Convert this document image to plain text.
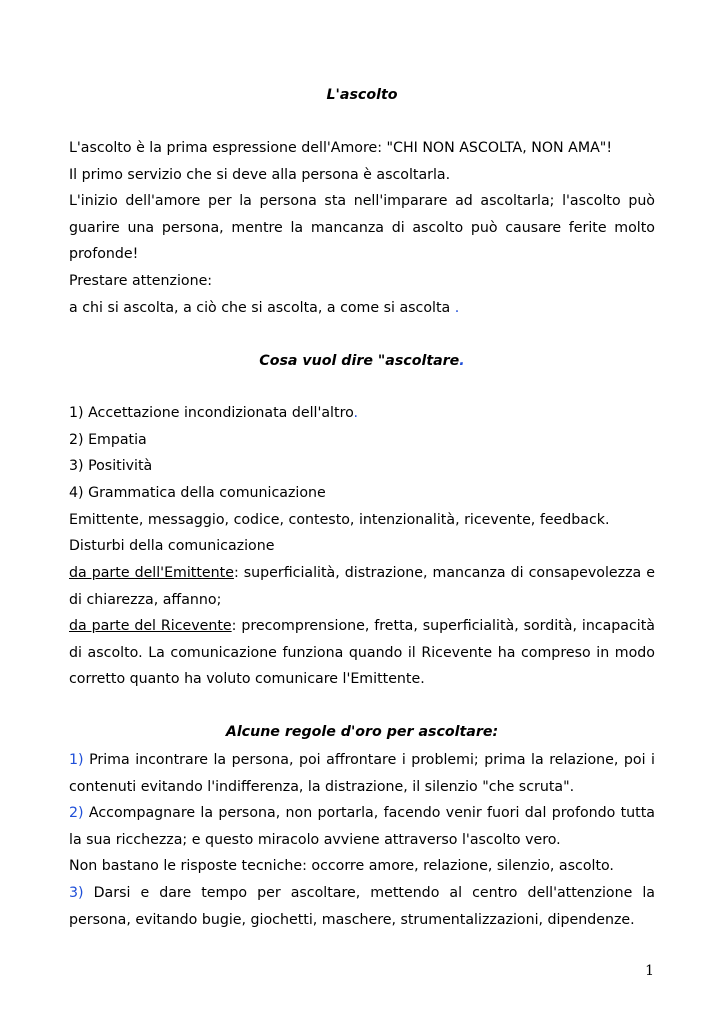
L'ascolto

L'ascolto è la prima espressione dell'Amore: "CHI NON ASCOLTA, NON AMA"!

Il primo servizio che si deve alla persona è ascoltarla.

L'inizio dell'amore per la persona sta nell'imparare ad ascoltarla; l'ascolto può guarire una persona, mentre la mancanza di ascolto può causare ferite molto profonde!

Prestare attenzione:

a chi si ascolta, a ciò che si ascolta, a come si ascolta .

Cosa vuol dire "ascoltare.

1) Accettazione incondizionata dell'altro.

2) Empatia

3) Positività

4) Grammatica della comunicazione

Emittente, messaggio, codice, contesto, intenzionalità, ricevente, feedback.

Disturbi della comunicazione

da parte dell'Emittente: superficialità, distrazione, mancanza di consapevolezza e di chiarezza, affanno;

da parte del Ricevente: precomprensione, fretta, superficialità, sordità, incapacità di ascolto. La comunicazione funziona quando il Ricevente ha compreso in modo corretto quanto ha voluto comunicare l'Emittente.

Alcune regole d'oro per ascoltare:

1) Prima incontrare la persona, poi affrontare i problemi; prima la relazione, poi i contenuti evitando l'indifferenza, la distrazione, il silenzio "che scruta".

2) Accompagnare la persona, non portarla, facendo venir fuori dal profondo tutta la sua ricchezza; e questo miracolo avviene attraverso l'ascolto vero.

Non bastano le risposte tecniche: occorre amore, relazione, silenzio, ascolto.

3) Darsi e dare tempo per ascoltare, mettendo al centro dell'attenzione la persona, evitando bugie, giochetti, maschere, strumentalizzazioni, dipendenze.

1
